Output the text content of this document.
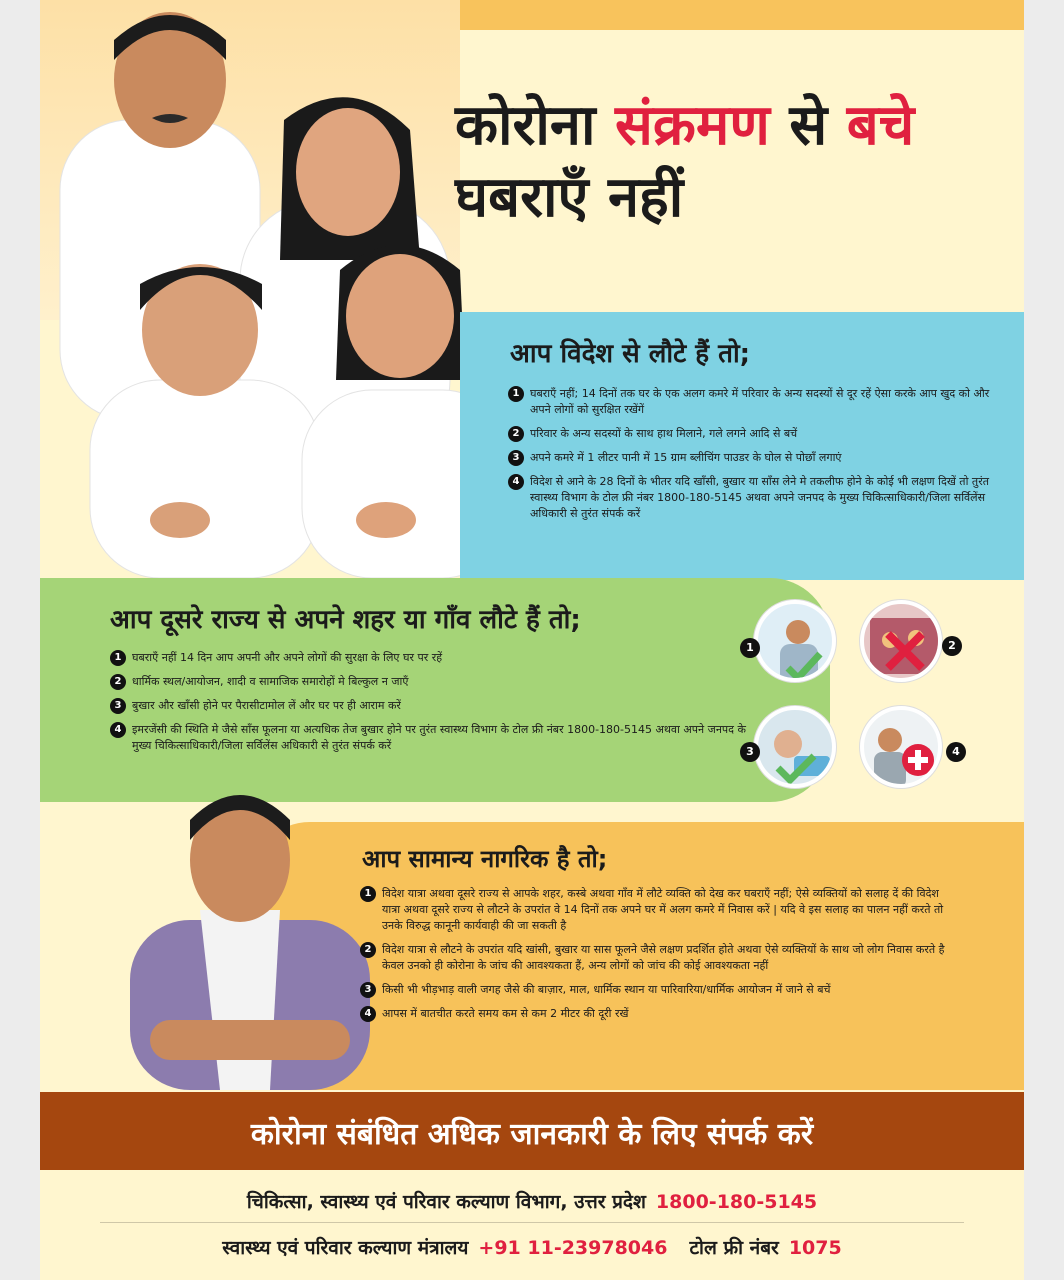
कोरोना संक्रमण से बचे
घबराएँ नहीं
आप विदेश से लौटे हैं तो;
1 घबराएँ नहीं; 14 दिनों तक घर के एक अलग कमरे में परिवार के अन्य सदस्यों से दूर रहें ऐसा करके आप खुद को और अपने लोगों को सुरक्षित रखेंगें
2 परिवार के अन्य सदस्यों के साथ हाथ मिलाने, गले लगने आदि से बचें
3 अपने कमरे में 1 लीटर पानी में 15 ग्राम ब्लीचिंग पाउडर के घोल से पोछाँ लगाएं
4 विदेश से आने के 28 दिनों के भीतर यदि खाँसी, बुखार या साँस लेने मे तकलीफ होने के कोई भी लक्षण दिखें तो तुरंत स्वास्थ्य विभाग के टोल फ्री नंबर 1800-180-5145 अथवा अपने जनपद के मुख्य चिकित्साधिकारी/जिला सर्विलेंस अधिकारी से तुरंत संपर्क करें
आप दूसरे राज्य से अपने शहर या गाँव लौटे हैं तो;
1 घबराएँ नहीं 14 दिन आप अपनी और अपने लोगों की सुरक्षा के लिए घर पर रहें
2 धार्मिक स्थल/आयोजन, शादी व सामाजिक समारोहों मे बिल्कुल न जाएँ
3 बुखार और खाँसी होने पर पैरासीटामोल लें और घर पर ही आराम करें
4 इमरजेंसी की स्थिति मे जैसे साँस फूलना या अत्यधिक तेज बुखार होने पर तुरंत स्वास्थ्य विभाग के टोल फ्री नंबर 1800-180-5145 अथवा अपने जनपद के मुख्य चिकित्साधिकारी/जिला सर्विलेंस अधिकारी से तुरंत संपर्क करें
1	2
3	4
आप सामान्य नागरिक है तो;
1 विदेश यात्रा अथवा दूसरे राज्य से आपके शहर, कस्बे अथवा गाँव में लौटे व्यक्ति को देख कर घबराएँ नहीं; ऐसे व्यक्तियों को सलाह दें की विदेश यात्रा अथवा दूसरे राज्य से लौटने के उपरांत वे 14 दिनों तक अपने घर में अलग कमरे में निवास करें | यदि वे इस सलाह का पालन नहीं करते तो उनके विरुद्ध कानूनी कार्यवाही की जा सकती है
2 विदेश यात्रा से लौटने के उपरांत यदि खांसी, बुखार या सास फूलने जैसे लक्षण प्रदर्शित होते अथवा ऐसे व्यक्तियों के साथ जो लोग निवास करते है केवल उनको ही कोरोना के जांच की आवश्यकता हैं, अन्य लोगों को जांच की कोई आवश्यकता नहीं
3 किसी भी भीड़भाड़ वाली जगह जैसे की बाज़ार, माल, धार्मिक स्थान या पारिवारिया/धार्मिक आयोजन में जाने से बचें
4 आपस में बातचीत करते समय कम से कम 2 मीटर की दूरी रखें
कोरोना संबंधित अधिक जानकारी के लिए संपर्क करें
चिकित्सा, स्वास्थ्य एवं परिवार कल्याण विभाग, उत्तर प्रदेश 1800-180-5145
स्वास्थ्य एवं परिवार कल्याण मंत्रालय +91 11-23978046 टोल फ्री नंबर 1075
